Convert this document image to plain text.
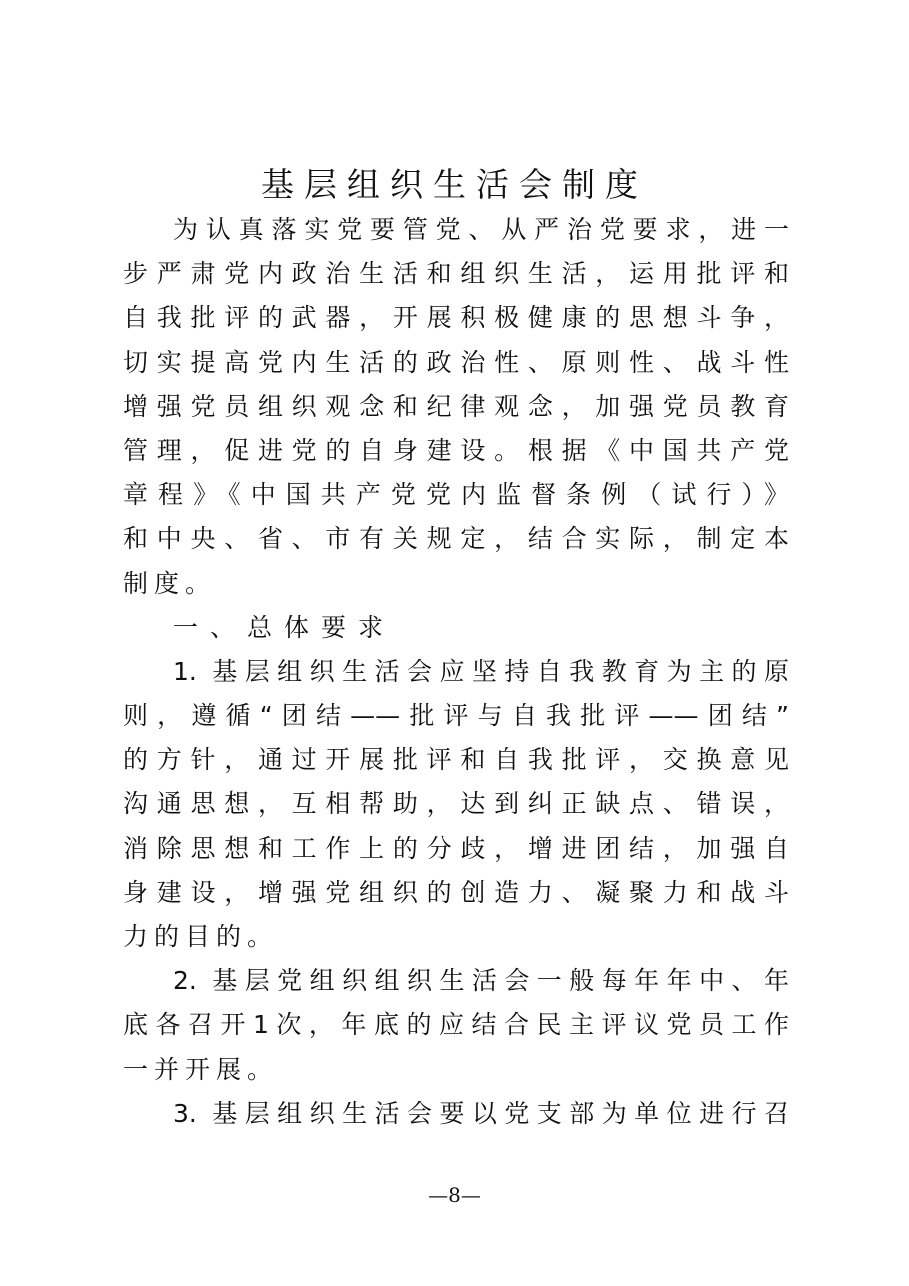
基层组织生活会制度
为认真落实党要管党、从严治党要求，进一
步严肃党内政治生活和组织生活，运用批评和
自我批评的武器，开展积极健康的思想斗争，
切实提高党内生活的政治性、原则性、战斗性
增强党员组织观念和纪律观念，加强党员教育
管理，促进党的自身建设。根据《中国共产党
章程》《中国共产党党内监督条例（试行）》
和中央、省、市有关规定，结合实际，制定本
制度。
一、总体要求
1. 基层组织生活会应坚持自我教育为主的原
则，遵循“团结——批评与自我批评——团结”
的方针，通过开展批评和自我批评，交换意见
沟通思想，互相帮助，达到纠正缺点、错误，
消除思想和工作上的分歧，增进团结，加强自
身建设，增强党组织的创造力、凝聚力和战斗
力的目的。
2. 基层党组织组织生活会一般每年年中、年
底各召开1次，年底的应结合民主评议党员工作
一并开展。
3. 基层组织生活会要以党支部为单位进行召
—8—
